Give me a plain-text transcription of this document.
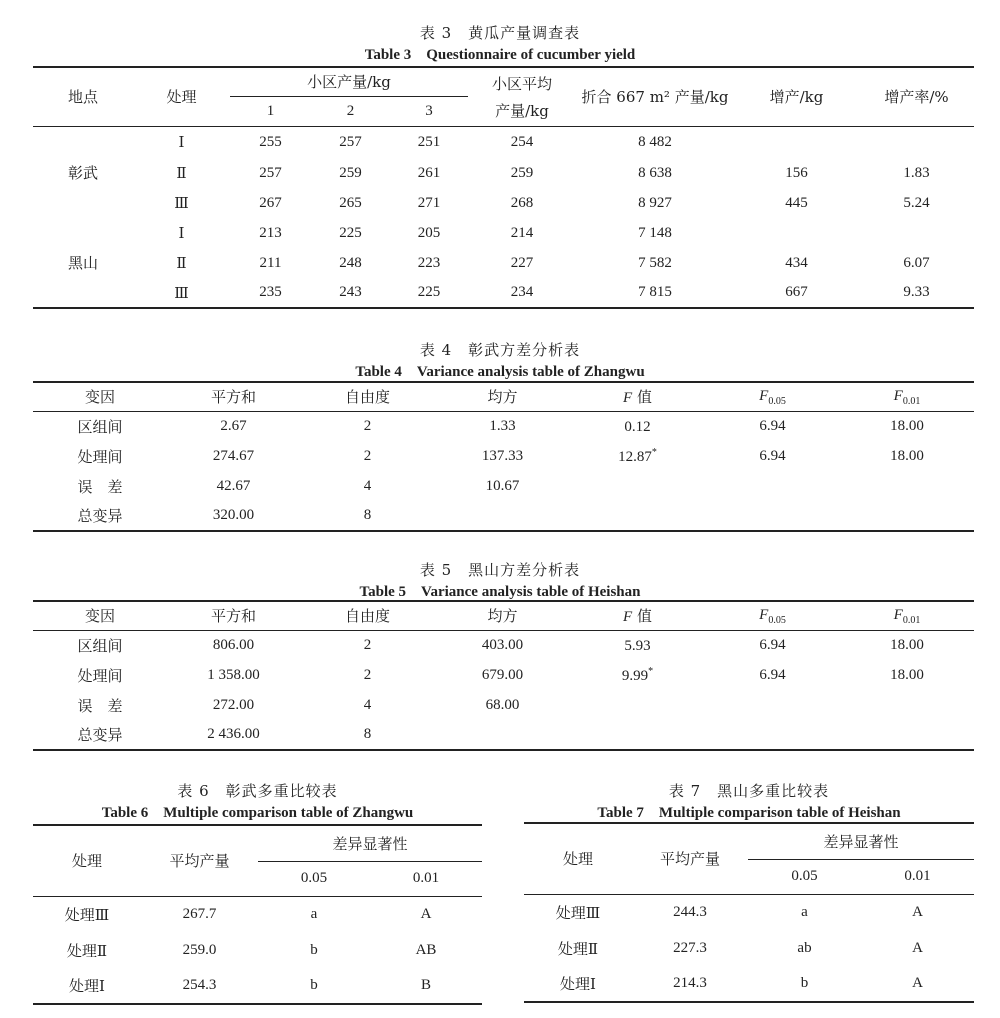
表 3　黄瓜产量调查表
Table 3　Questionnaire of cucumber yield
地点	处理	小区产量/kg			小区平均
产量/kg	折合 667 m² 产量/kg	增产/kg	增产率/%
		1	2	3				
彰武	Ⅰ	255	257	251	254	8 482		
	Ⅱ	257	259	261	259	8 638	156	1.83
	Ⅲ	267	265	271	268	8 927	445	5.24
黑山	Ⅰ	213	225	205	214	7 148		
	Ⅱ	211	248	223	227	7 582	434	6.07
	Ⅲ	235	243	225	234	7 815	667	9.33
表 4　彰武方差分析表
Table 4　Variance analysis table of Zhangwu
变因	平方和	自由度	均方	F 值	$F_{0.05}$	$F_{0.01}$
区组间	2.67	2	1.33	0.12	6.94	18.00
处理间	274.67	2	137.33	12.87*	6.94	18.00
误　差	42.67	4	10.67			
总变异	320.00	8				
表 5　黑山方差分析表
Table 5　Variance analysis table of Heishan
变因	平方和	自由度	均方	F 值	$F_{0.05}$	$F_{0.01}$
区组间	806.00	2	403.00	5.93	6.94	18.00
处理间	1 358.00	2	679.00	9.99*	6.94	18.00
误　差	272.00	4	68.00			
总变异	2 436.00	8				
表 6　彰武多重比较表
Table 6　Multiple comparison table of Zhangwu
处理	平均产量	差异显著性	
		0.05	0.01
处理Ⅲ	267.7	a	A
处理Ⅱ	259.0	b	AB
处理Ⅰ	254.3	b	B
表 7　黑山多重比较表
Table 7　Multiple comparison table of Heishan
处理	平均产量	差异显著性	
		0.05	0.01
处理Ⅲ	244.3	a	A
处理Ⅱ	227.3	ab	A
处理Ⅰ	214.3	b	A
